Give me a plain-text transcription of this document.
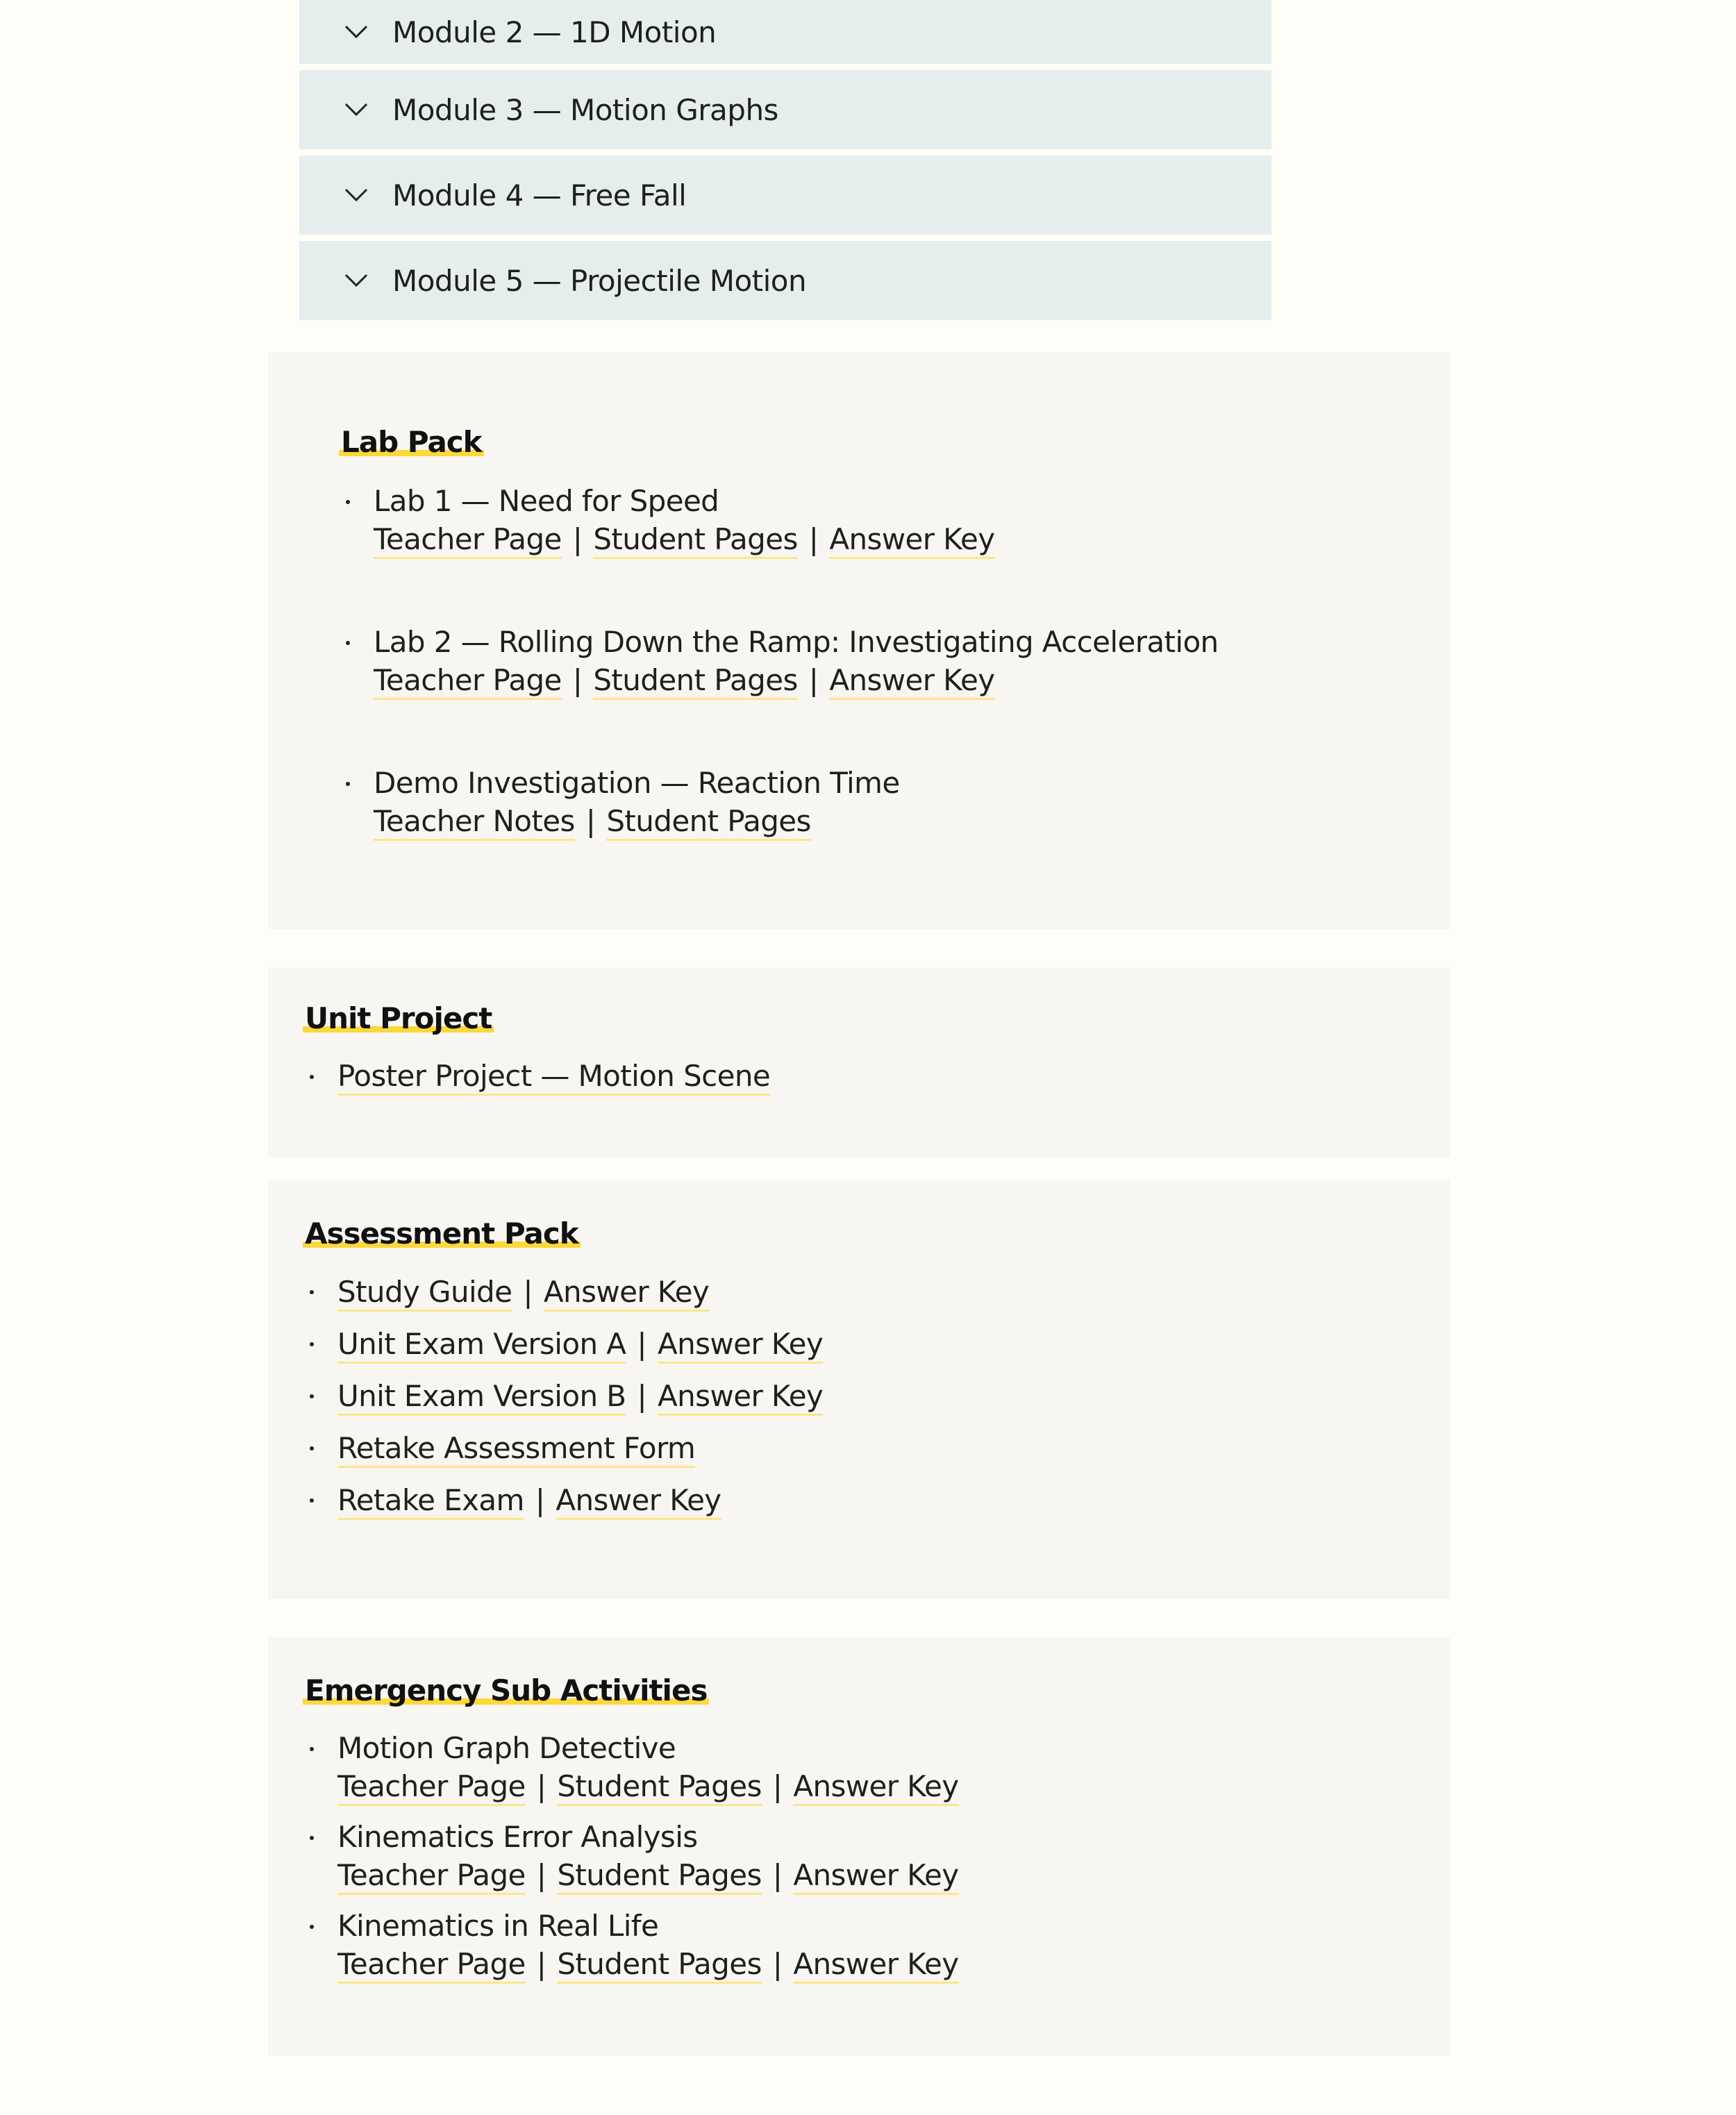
Module 2 — 1D Motion
Module 3 — Motion Graphs
Module 4 — Free Fall
Module 5 — Projectile Motion
Lab Pack
Lab 1 — Need for Speed
Teacher Page | Student Pages | Answer Key
Lab 2 — Rolling Down the Ramp: Investigating Acceleration
Teacher Page | Student Pages | Answer Key
Demo Investigation — Reaction Time
Teacher Notes | Student Pages
Unit Project
Poster Project — Motion Scene
Assessment Pack
Study Guide | Answer Key
Unit Exam Version A | Answer Key
Unit Exam Version B | Answer Key
Retake Assessment Form
Retake Exam | Answer Key
Emergency Sub Activities
Motion Graph Detective
Teacher Page | Student Pages | Answer Key
Kinematics Error Analysis
Teacher Page | Student Pages | Answer Key
Kinematics in Real Life
Teacher Page | Student Pages | Answer Key
